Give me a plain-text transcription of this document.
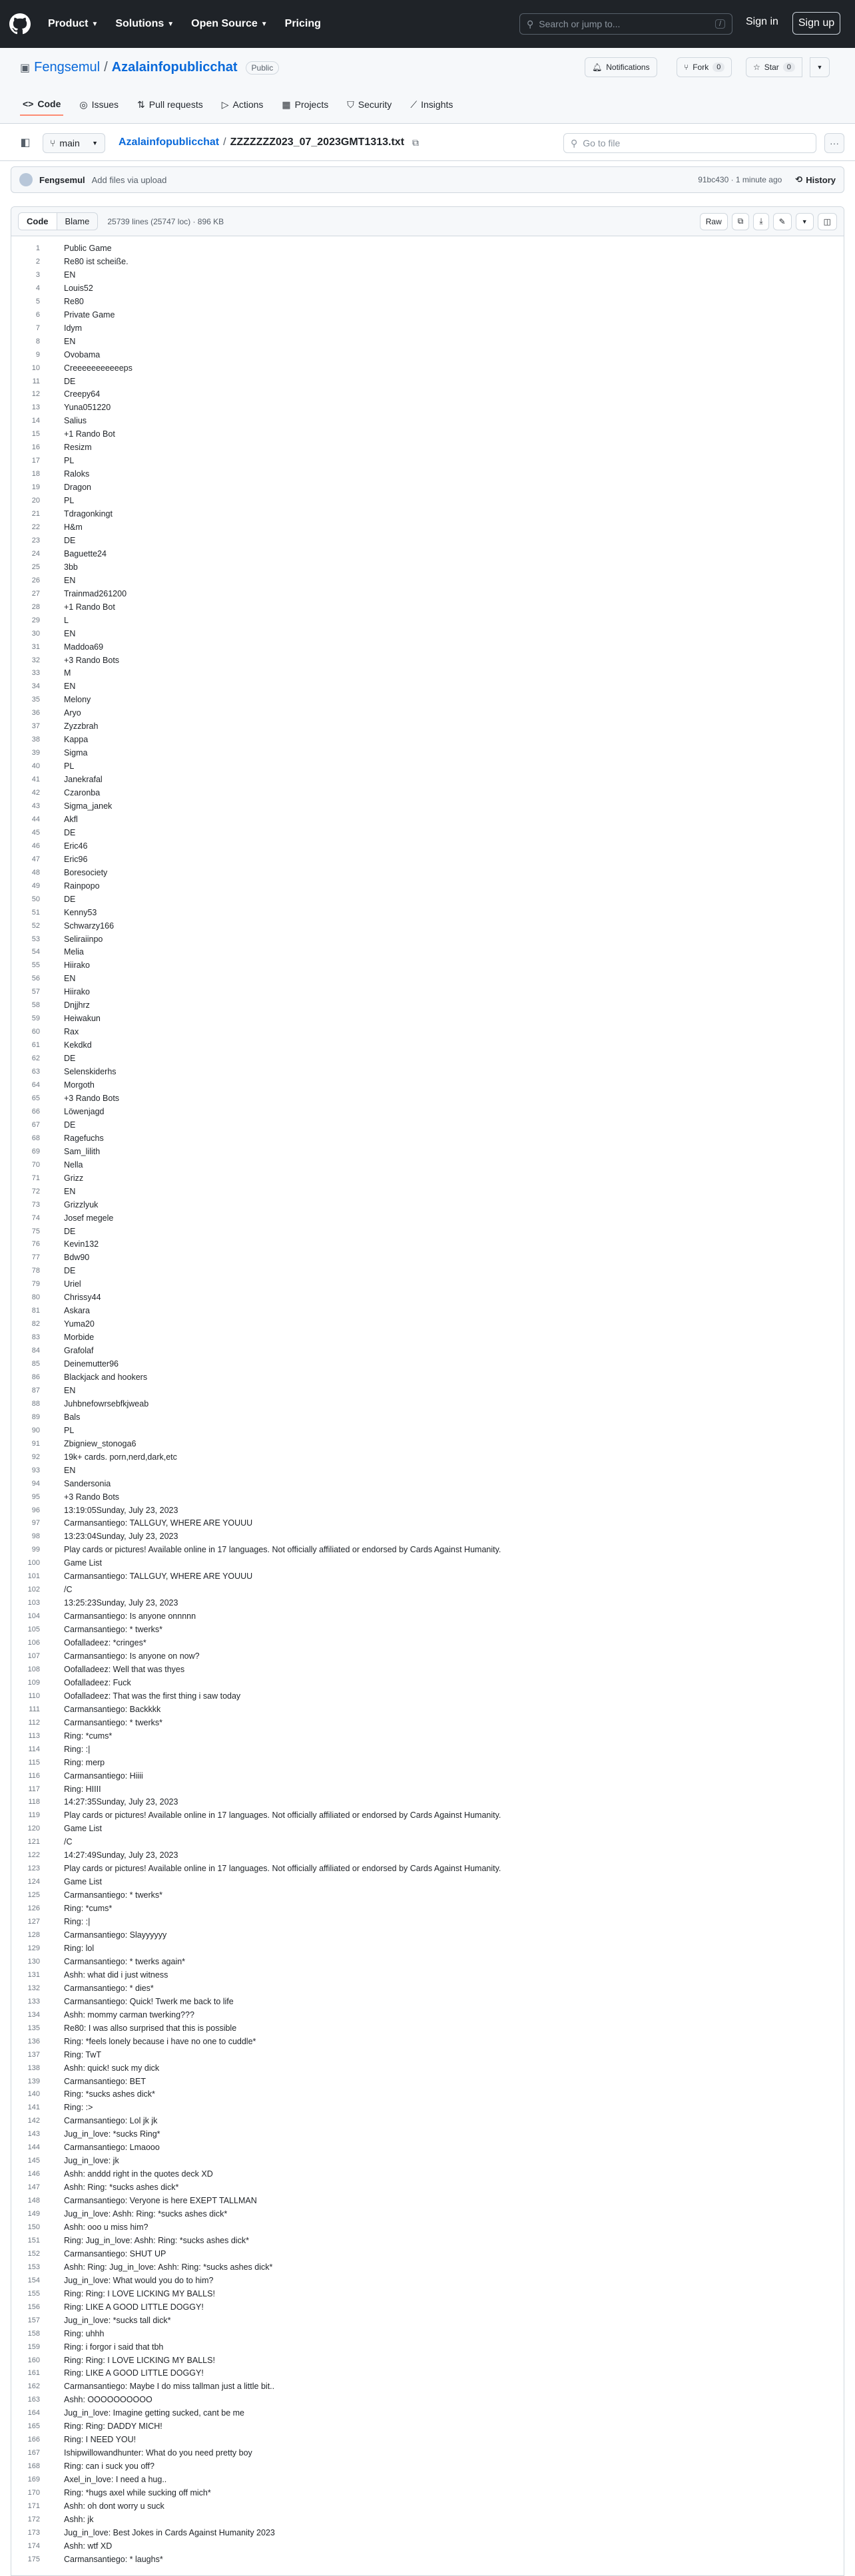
Product ▼ Solutions ▼ Open Source ▼ Pricing	⚲ Search or jump to...	/	Sign in	Sign up
▣ Fengsemul / Azalainfopublicchat	Public	🔔︎ Notifications	⑂ Fork	0	☆ Star	0	▼
<> Code ◎ Issues ⇅ Pull requests ▷ Actions ▦ Projects ⛉ Security ⟋ Insights
◧	⑂ main ▼ Azalainfopublicchat / ZZZZZZZ023_07_2023GMT1313.txt ⧉	⚲ Go to file	···
Fengsemul Add files via upload	91bc430 · 1 minute ago ⟲ History
Code	Blame	25739 lines (25747 loc) · 896 KB	Raw	⧉	⤓	✎	▼	◫
1	Public Game
2	Re80 ist scheiße.
3	EN
4	Louis52
5	Re80
6	Private Game
7	Idym
8	EN
9	Ovobama
10	Creeeeeeeeeeeps
11	DE
12	Creepy64
13	Yuna051220
14	Salius
15	+1 Rando Bot
16	Resizm
17	PL
18	Raloks
19	Dragon
20	PL
21	Tdragonkingt
22	H&m
23	DE
24	Baguette24
25	3bb
26	EN
27	Trainmad261200
28	+1 Rando Bot
29	L
30	EN
31	Maddoa69
32	+3 Rando Bots
33	M
34	EN
35	Melony
36	Aryo
37	Zyzzbrah
38	Kappa
39	Sigma
40	PL
41	Janekrafal
42	Czaronba
43	Sigma_janek
44	Akfl
45	DE
46	Eric46
47	Eric96
48	Boresociety
49	Rainpopo
50	DE
51	Kenny53
52	Schwarzy166
53	Seliraiinpo
54	Melia
55	Hiirako
56	EN
57	Hiirako
58	Dnjjhrz
59	Heiwakun
60	Rax
61	Kekdkd
62	DE
63	Selenskiderhs
64	Morgoth
65	+3 Rando Bots
66	Löwenjagd
67	DE
68	Ragefuchs
69	Sam_lilith
70	Nella
71	Grizz
72	EN
73	Grizzlyuk
74	Josef megele
75	DE
76	Kevin132
77	Bdw90
78	DE
79	Uriel
80	Chrissy44
81	Askara
82	Yuma20
83	Morbide
84	Grafolaf
85	Deinemutter96
86	Blackjack and hookers
87	EN
88	Juhbnefowrsebfkjweab
89	Bals
90	PL
91	Zbigniew_stonoga6
92	19k+ cards. porn,nerd,dark,etc
93	EN
94	Sandersonia
95	+3 Rando Bots
96	13:19:05Sunday, July 23, 2023
97	Carmansantiego: TALLGUY, WHERE ARE YOUUU
98	13:23:04Sunday, July 23, 2023
99	Play cards or pictures! Available online in 17 languages. Not officially affiliated or endorsed by Cards Against Humanity.
100	Game List
101	Carmansantiego: TALLGUY, WHERE ARE YOUUU
102	/C
103	13:25:23Sunday, July 23, 2023
104	Carmansantiego: Is anyone onnnnn
105	Carmansantiego: * twerks*
106	Oofalladeez: *cringes*
107	Carmansantiego: Is anyone on now?
108	Oofalladeez: Well that was thyes
109	Oofalladeez: Fuck
110	Oofalladeez: That was the first thing i saw today
111	Carmansantiego: Backkkk
112	Carmansantiego: * twerks*
113	Ring: *cums*
114	Ring: :|
115	Ring: merp
116	Carmansantiego: Hiiii
117	Ring: HIIII
118	14:27:35Sunday, July 23, 2023
119	Play cards or pictures! Available online in 17 languages. Not officially affiliated or endorsed by Cards Against Humanity.
120	Game List
121	/C
122	14:27:49Sunday, July 23, 2023
123	Play cards or pictures! Available online in 17 languages. Not officially affiliated or endorsed by Cards Against Humanity.
124	Game List
125	Carmansantiego: * twerks*
126	Ring: *cums*
127	Ring: :|
128	Carmansantiego: Slayyyyyy
129	Ring: lol
130	Carmansantiego: * twerks again*
131	Ashh: what did i just witness
132	Carmansantiego: * dies*
133	Carmansantiego: Quick! Twerk me back to life
134	Ashh: mommy carman twerking???
135	Re80: I was allso surprised that this is possible
136	Ring: *feels lonely because i have no one to cuddle*
137	Ring: TwT
138	Ashh: quick! suck my dick
139	Carmansantiego: BET
140	Ring: *sucks ashes dick*
141	Ring: :>
142	Carmansantiego: Lol jk jk
143	Jug_in_love: *sucks Ring*
144	Carmansantiego: Lmaooo
145	Jug_in_love: jk
146	Ashh: anddd right in the quotes deck XD
147	Ashh: Ring: *sucks ashes dick*
148	Carmansantiego: Veryone is here EXEPT TALLMAN
149	Jug_in_love: Ashh: Ring: *sucks ashes dick*
150	Ashh: ooo u miss him?
151	Ring: Jug_in_love: Ashh: Ring: *sucks ashes dick*
152	Carmansantiego: SHUT UP
153	Ashh: Ring: Jug_in_love: Ashh: Ring: *sucks ashes dick*
154	Jug_in_love: What would you do to him?
155	Ring: Ring: I LOVE LICKING MY BALLS!
156	Ring: LIKE A GOOD LITTLE DOGGY!
157	Jug_in_love: *sucks tall dick*
158	Ring: uhhh
159	Ring: i forgor i said that tbh
160	Ring: Ring: I LOVE LICKING MY BALLS!
161	Ring: LIKE A GOOD LITTLE DOGGY!
162	Carmansantiego: Maybe I do miss tallman just a little bit..
163	Ashh: OOOOOOOOOO
164	Jug_in_love: Imagine getting sucked, cant be me
165	Ring: Ring: DADDY MICH!
166	Ring: I NEED YOU!
167	Ishipwillowandhunter: What do you need pretty boy
168	Ring: can i suck you off?
169	Axel_in_love: I need a hug..
170	Ring: *hugs axel while sucking off mich*
171	Ashh: oh dont worry u suck
172	Ashh: jk
173	Jug_in_love: Best Jokes in Cards Against Humanity 2023
174	Ashh: wtf XD
175	Carmansantiego: * laughs*
